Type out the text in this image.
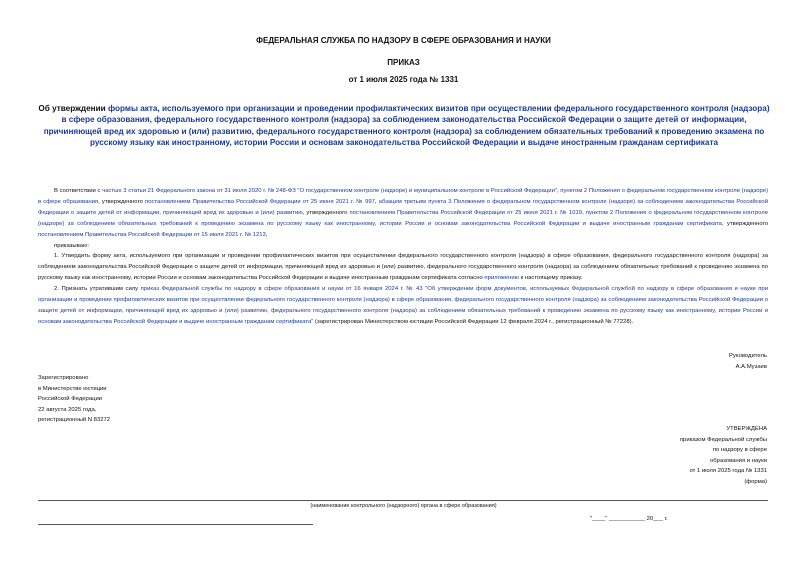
ФЕДЕРАЛЬНАЯ СЛУЖБА ПО НАДЗОРУ В СФЕРЕ ОБРАЗОВАНИЯ И НАУКИ

ПРИКАЗ

от 1 июля 2025 года № 1331

Об утверждении формы акта, используемого при организации и проведении профилактических визитов при осуществлении федерального государственного контроля (надзора) в сфере образования, федерального государственного контроля (надзора) за соблюдением законодательства Российской Федерации о защите детей от информации, причиняющей вред их здоровью и (или) развитию, федерального государственного контроля (надзора) за соблюдением обязательных требований к проведению экзамена по русскому языку как иностранному, истории России и основам законодательства Российской Федерации и выдаче иностранным гражданам сертификата

В соответствии с частью 3 статьи 21 Федерального закона от 31 июля 2020 г. № 248-ФЗ "О государственном контроле (надзоре) и муниципальном контроле в Российской Федерации", пунктом 2 Положения о федеральном государственном контроле (надзоре) в сфере образования, утвержденного постановлением Правительства Российской Федерации от 25 июня 2021 г. № 997, абзацем третьим пункта 3 Положения о федеральном государственном контроле (надзоре) за соблюдением законодательства Российской Федерации о защите детей от информации, причиняющей вред их здоровью и (или) развитию, утвержденного постановлением Правительства Российской Федерации от 25 июня 2021 г. № 1019, пунктом 2 Положения о федеральном государственном контроле (надзоре) за соблюдением обязательных требований к проведению экзамена по русскому языку как иностранному, истории России и основам законодательства Российской Федерации и выдаче иностранным гражданам сертификата, утвержденного постановлением Правительства Российской Федерации от 15 июля 2021 г. № 1213,

приказываю:

1. Утвердить форму акта, используемого при организации и проведении профилактических визитов при осуществлении федерального государственного контроля (надзора) в сфере образования, федерального государственного контроля (надзора) за соблюдением законодательства Российской Федерации о защите детей от информации, причиняющей вред их здоровью и (или) развитию, федерального государственного контроля (надзора) за соблюдением обязательных требований к проведению экзамена по русскому языку как иностранному, истории России и основам законодательства Российской Федерации и выдаче иностранным гражданам сертификата согласно приложению к настоящему приказу.

2. Признать утратившим силу приказ Федеральной службы по надзору в сфере образования и науки от 16 января 2024 г. № 43 "Об утверждении форм документов, используемых Федеральной службой по надзору в сфере образования и науки при организации и проведении профилактических визитов при осуществлении федерального государственного контроля (надзора) в сфере образования, федерального государственного контроля (надзора) за соблюдением законодательства Российской Федерации о защите детей от информации, причиняющей вред их здоровью и (или) развитию, федерального государственного контроля (надзора) за соблюдением обязательных требований к проведению экзамена по русскому языку как иностранному, истории России и основам законодательства Российской Федерации и выдаче иностранным гражданам сертификата" (зарегистрирован Министерством юстиции Российской Федерации 12 февраля 2024 г., регистрационный № 77228).

Руководитель
А.А.Музаев
Зарегистрировано
в Министерстве юстиции
Российской Федерации
22 августа 2025 года,
регистрационный N 83272
УТВЕРЖДЕНА
приказом Федеральной службы
по надзору в сфере
образования и науки
от 1 июля 2025 года № 1331
(форма)
(наименование контрольного (надзорного) органа в сфере образования)
"____" ___________ 20___ г.
